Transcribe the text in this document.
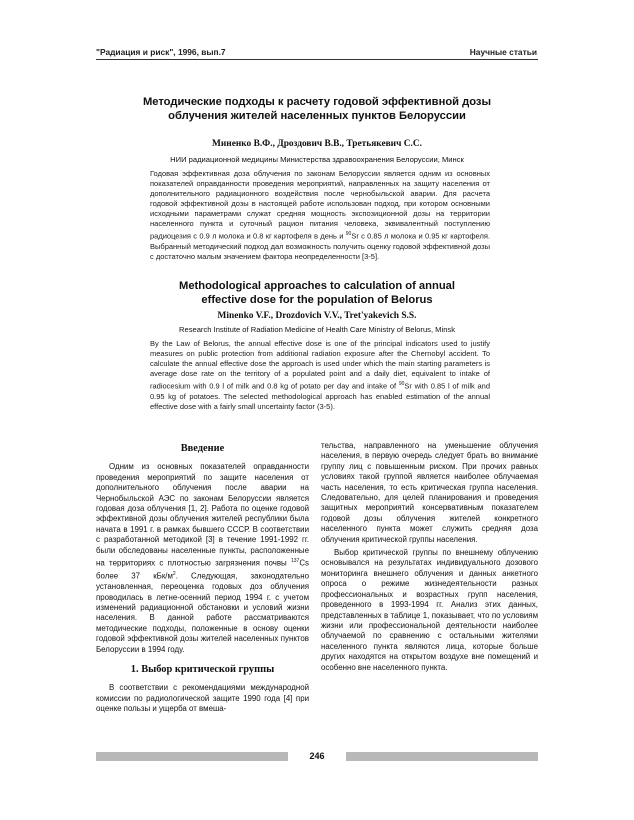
"Радиация и риск", 1996, вып.7	Научные статьи
Методические подходы к расчету годовой эффективной дозы
облучения жителей населенных пунктов Белоруссии
Миненко В.Ф., Дроздович В.В., Третьякевич С.С.
НИИ радиационной медицины Министерства здравоохранения Белоруссии, Минск
Годовая эффективная доза облучения по законам Белоруссии является одним из основных показателей оправданности проведения мероприятий, направленных на защиту населения от дополнительного радиационного воздействия после чернобыльской аварии. Для расчета годовой эффективной дозы в настоящей работе использован подход, при котором основными исходными параметрами служат средняя мощность экспозиционной дозы на территории населенного пункта и суточный рацион питания человека, эквивалентный поступлению радиоцезия с 0.9 л молока и 0.8 кг картофеля в день и $^{90}$Sr с 0.85 л молока и 0.95 кг картофеля. Выбранный методический подход дал возможность получить оценку годовой эффективной дозы с достаточно малым значением фактора неопределенности [3-5].
Methodological approaches to calculation of annual
effective dose for the population of Belorus
Minenko V.F., Drozdovich V.V., Tret'yakevich S.S.
Research Institute of Radiation Medicine of Health Care Ministry of Belorus, Minsk
By the Law of Belorus, the annual effective dose is one of the principal indicators used to justify measures on public protection from additional radiation exposure after the Chernobyl accident. To calculate the annual effective dose the approach is used under which the main starting parameters is average dose rate on the territory of a populated point and a daily diet, equivalent to intake of radiocesium with 0.9 l of milk and 0.8 kg of potato per day and intake of $^{90}$Sr with 0.85 l of milk and 0.95 kg of potatoes. The selected methodological approach has enabled estimation of the annual effective dose with a fairly small uncertainty factor (3-5).
Введение

Одним из основных показателей оправданности проведения мероприятий по защите населения от дополнительного облучения после аварии на Чернобыльской АЭС по законам Белоруссии является годовая доза облучения [1, 2]. Работа по оценке годовой эффективной дозы облучения жителей республики была начата в 1991 г. в рамках бывшего СССР. В соответствии с разработанной методикой [3] в течение 1991-1992 гг. были обследованы населенные пункты, расположенные на территориях с плотностью загрязнения почвы $^{137}$Cs более 37 кБк/$м^2$. Следующая, законодательно установленная, переоценка годовых доз облучения проводилась в летне-осенний период 1994 г. с учетом изменений радиационной обстановки и условий жизни населения. В данной работе рассматриваются методические подходы, положенные в основу оценки годовой эффективной дозы жителей населенных пунктов Белоруссии в 1994 году.

1. Выбор критической группы

В соответствии с рекомендациями международной комиссии по радиологической защите 1990 года [4] при оценке пользы и ущерба от вмеша-

тельства, направленного на уменьшение облучения населения, в первую очередь следует брать во внимание группу лиц с повышенным риском. При прочих равных условиях такой группой является наиболее облучаемая часть населения, то есть критическая группа населения. Следовательно, для целей планирования и проведения защитных мероприятий консервативным показателем годовой дозы облучения жителей конкретного населенного пункта может служить средняя доза облучения критической группы населения.

Выбор критической группы по внешнему облучению основывался на результатах индивидуального дозового мониторинга внешнего облучения и данных анкетного опроса о режиме жизнедеятельности разных профессиональных и возрастных групп населения, проведенного в 1993-1994 гг. Анализ этих данных, представленных в таблице 1, показывает, что по условиям жизни или профессиональной деятельности наиболее облучаемой по сравнению с остальными жителями населенного пункта являются лица, которые больше других находятся на открытом воздухе вне помещений и особенно вне населенного пункта.

246
